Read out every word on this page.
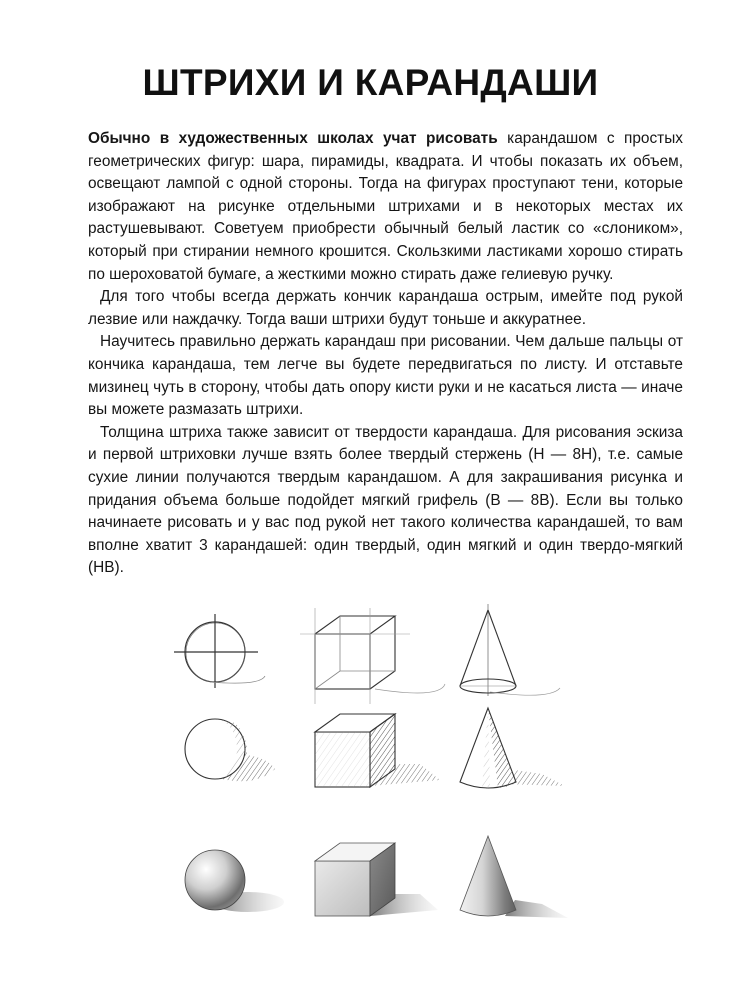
ШТРИХИ И КАРАНДАШИ

Обычно в художественных школах учат рисовать карандашом с простых геометрических фигур: шара, пирамиды, квадрата. И чтобы показать их объем, освещают лампой с одной стороны. Тогда на фигурах проступают тени, которые изображают на рисунке отдельными штрихами и в некоторых местах их растушевывают. Советуем приобрести обычный белый ластик со «слоником», который при стирании немного крошится. Скользкими ластиками хорошо стирать по шероховатой бумаге, а жесткими можно стирать даже гелиевую ручку.

Для того чтобы всегда держать кончик карандаша острым, имейте под рукой лезвие или наждачку. Тогда ваши штрихи будут тоньше и аккуратнее.

Научитесь правильно держать карандаш при рисовании. Чем дальше пальцы от кончика карандаша, тем легче вы будете передвигаться по листу. И отставьте мизинец чуть в сторону, чтобы дать опору кисти руки и не касаться листа — иначе вы можете размазать штрихи.

Толщина штриха также зависит от твердости карандаша. Для рисования эскиза и первой штриховки лучше взять более твердый стержень (H — 8H), т.е. самые сухие линии получаются твердым карандашом. А для закрашивания рисунка и придания объема больше подойдет мягкий грифель (B — 8B). Если вы только начинаете рисовать и у вас под рукой нет такого количества карандашей, то вам вполне хватит 3 карандашей: один твердый, один мягкий и один твердо-мягкий (HB).
